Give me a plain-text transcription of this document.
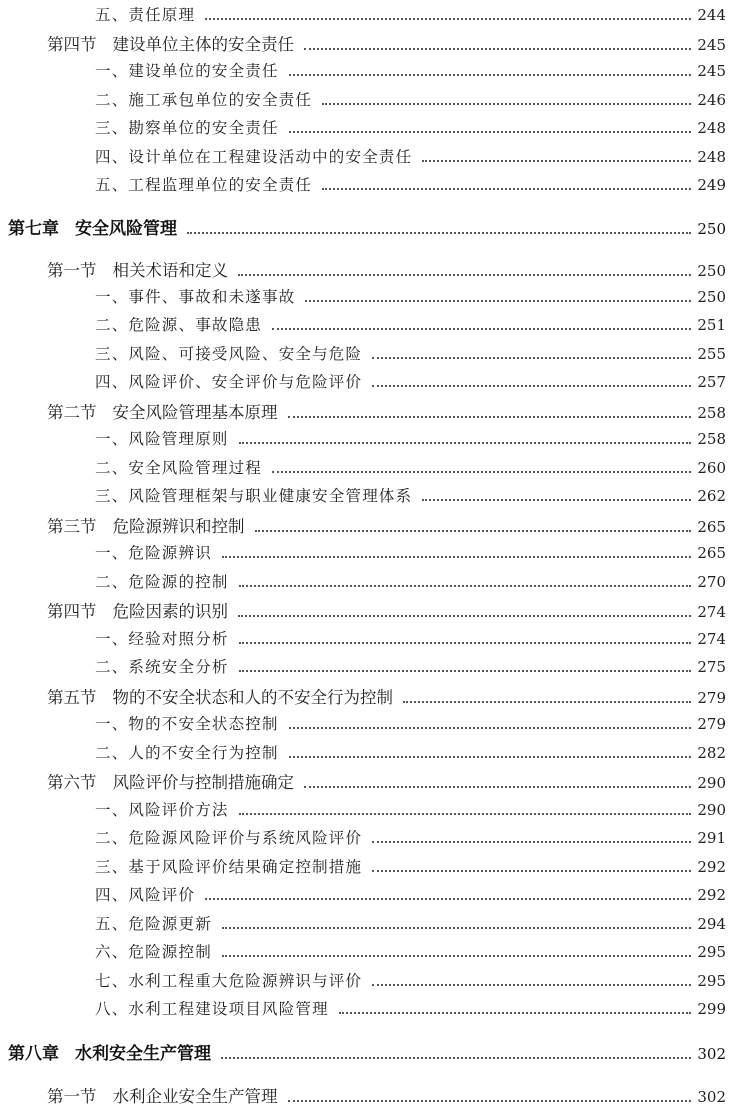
五、责任原理	244
第四节 建设单位主体的安全责任	245
一、建设单位的安全责任	245
二、施工承包单位的安全责任	246
三、勘察单位的安全责任	248
四、设计单位在工程建设活动中的安全责任	248
五、工程监理单位的安全责任	249
第七章 安全风险管理	250
第一节 相关术语和定义	250
一、事件、事故和未遂事故	250
二、危险源、事故隐患	251
三、风险、可接受风险、安全与危险	255
四、风险评价、安全评价与危险评价	257
第二节 安全风险管理基本原理	258
一、风险管理原则	258
二、安全风险管理过程	260
三、风险管理框架与职业健康安全管理体系	262
第三节 危险源辨识和控制	265
一、危险源辨识	265
二、危险源的控制	270
第四节 危险因素的识别	274
一、经验对照分析	274
二、系统安全分析	275
第五节 物的不安全状态和人的不安全行为控制	279
一、物的不安全状态控制	279
二、人的不安全行为控制	282
第六节 风险评价与控制措施确定	290
一、风险评价方法	290
二、危险源风险评价与系统风险评价	291
三、基于风险评价结果确定控制措施	292
四、风险评价	292
五、危险源更新	294
六、危险源控制	295
七、水利工程重大危险源辨识与评价	295
八、水利工程建设项目风险管理	299
第八章 水利安全生产管理	302
第一节 水利企业安全生产管理	302
